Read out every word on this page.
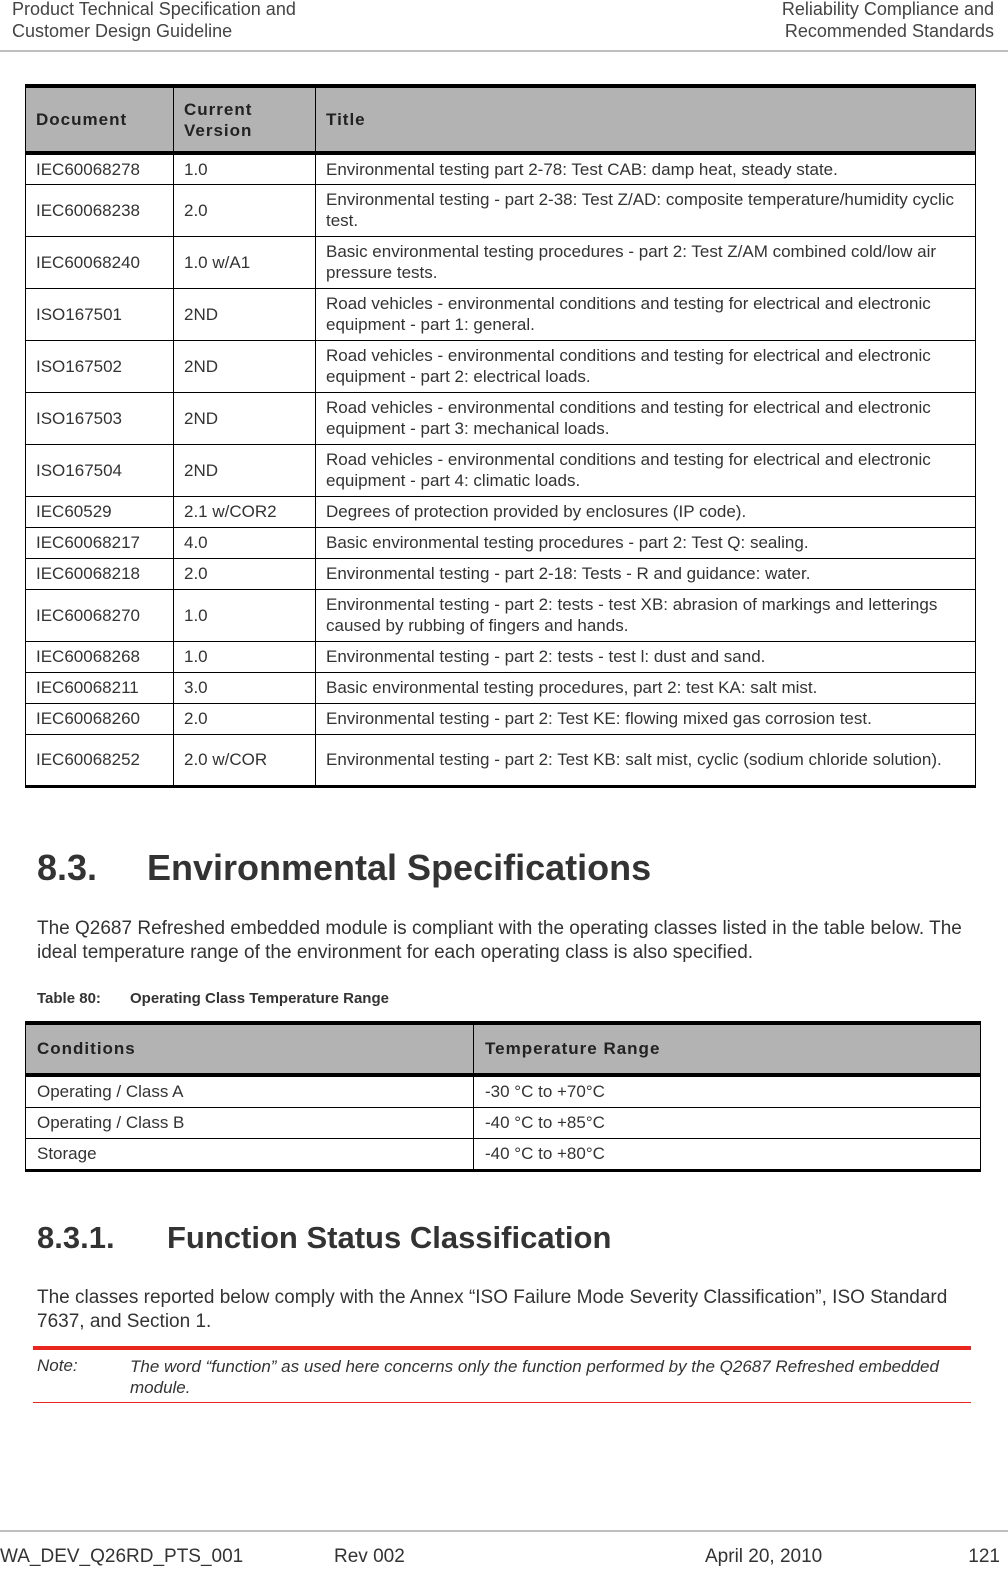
Product Technical Specification and
Customer Design Guideline
Reliability Compliance and
Recommended Standards
Document	Current Version	Title
IEC60068278	1.0	Environmental testing part 2-78: Test CAB: damp heat, steady state.
IEC60068238	2.0	Environmental testing - part 2-38: Test Z/AD: composite temperature/humidity cyclic test.
IEC60068240	1.0 w/A1	Basic environmental testing procedures - part 2: Test Z/AM combined cold/low air pressure tests.
ISO167501	2ND	Road vehicles - environmental conditions and testing for electrical and electronic equipment - part 1: general.
ISO167502	2ND	Road vehicles - environmental conditions and testing for electrical and electronic equipment - part 2: electrical loads.
ISO167503	2ND	Road vehicles - environmental conditions and testing for electrical and electronic equipment - part 3: mechanical loads.
ISO167504	2ND	Road vehicles - environmental conditions and testing for electrical and electronic equipment - part 4: climatic loads.
IEC60529	2.1 w/COR2	Degrees of protection provided by enclosures (IP code).
IEC60068217	4.0	Basic environmental testing procedures - part 2: Test Q: sealing.
IEC60068218	2.0	Environmental testing - part 2-18: Tests - R and guidance: water.
IEC60068270	1.0	Environmental testing - part 2: tests - test XB: abrasion of markings and letterings caused by rubbing of fingers and hands.
IEC60068268	1.0	Environmental testing - part 2: tests - test l: dust and sand.
IEC60068211	3.0	Basic environmental testing procedures, part 2: test KA: salt mist.
IEC60068260	2.0	Environmental testing - part 2: Test KE: flowing mixed gas corrosion test.
IEC60068252	2.0 w/COR	Environmental testing - part 2: Test KB: salt mist, cyclic (sodium chloride solution).
8.3. Environmental Specifications
The Q2687 Refreshed embedded module is compliant with the operating classes listed in the table below. The ideal temperature range of the environment for each operating class is also specified.
Table 80: Operating Class Temperature Range
Conditions	Temperature Range
Operating / Class A	-30 °C to +70°C
Operating / Class B	-40 °C to +85°C
Storage	-40 °C to +80°C
8.3.1. Function Status Classification
The classes reported below comply with the Annex “ISO Failure Mode Severity Classification”, ISO Standard 7637, and Section 1.
Note:	The word “function” as used here concerns only the function performed by the Q2687 Refreshed embedded module.
WA_DEV_Q26RD_PTS_001	Rev 002	April 20, 2010	121
